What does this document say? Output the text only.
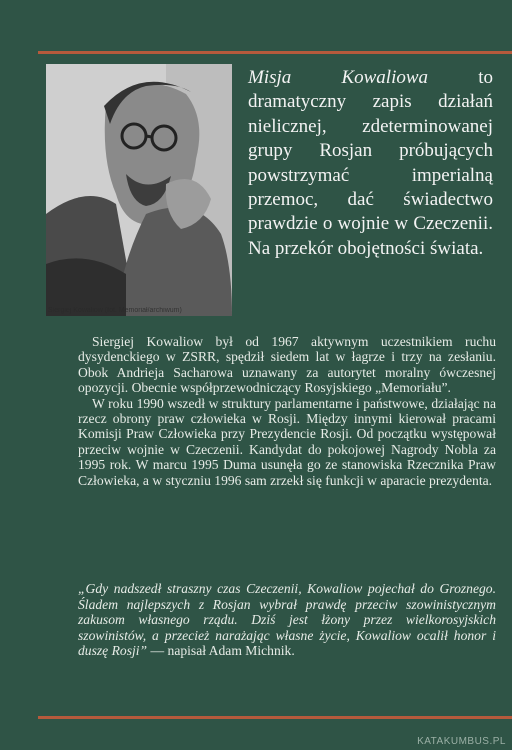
Siergiej Kowaliow (fot. Memoriał/archiwum)
Misja Kowaliowa to dramatyczny zapis działań nielicznej, zdeterminowanej grupy Rosjan próbujących powstrzymać imperialną przemoc, dać świadectwo prawdzie o wojnie w Czeczenii. Na przekór obojętności świata.

Siergiej Kowaliow był od 1967 aktywnym uczestnikiem ruchu dysydenckiego w ZSRR, spędził siedem lat w łagrze i trzy na zesłaniu. Obok Andrieja Sacharowa uznawany za autorytet moralny ówczesnej opozycji. Obecnie współprzewodniczący Rosyjskiego „Memoriału”.

W roku 1990 wszedł w struktury parlamentarne i państwowe, działając na rzecz obrony praw człowieka w Rosji. Między innymi kierował pracami Komisji Praw Człowieka przy Prezydencie Rosji. Od początku występował przeciw wojnie w Czeczenii. Kandydat do pokojowej Nagrody Nobla za 1995 rok. W marcu 1995 Duma usunęła go ze stanowiska Rzecznika Praw Człowieka, a w styczniu 1996 sam zrzekł się funkcji w aparacie prezydenta.

„Gdy nadszedł straszny czas Czeczenii, Kowaliow pojechał do Groznego. Śladem najlepszych z Rosjan wybrał prawdę przeciw szowinistycznym zakusom własnego rządu. Dziś jest łżony przez wielkorosyjskich szowinistów, a przecież narażając własne życie, Kowaliow ocalił honor i duszę Rosji” — napisał Adam Michnik.
KATAKUMBUS.PL
